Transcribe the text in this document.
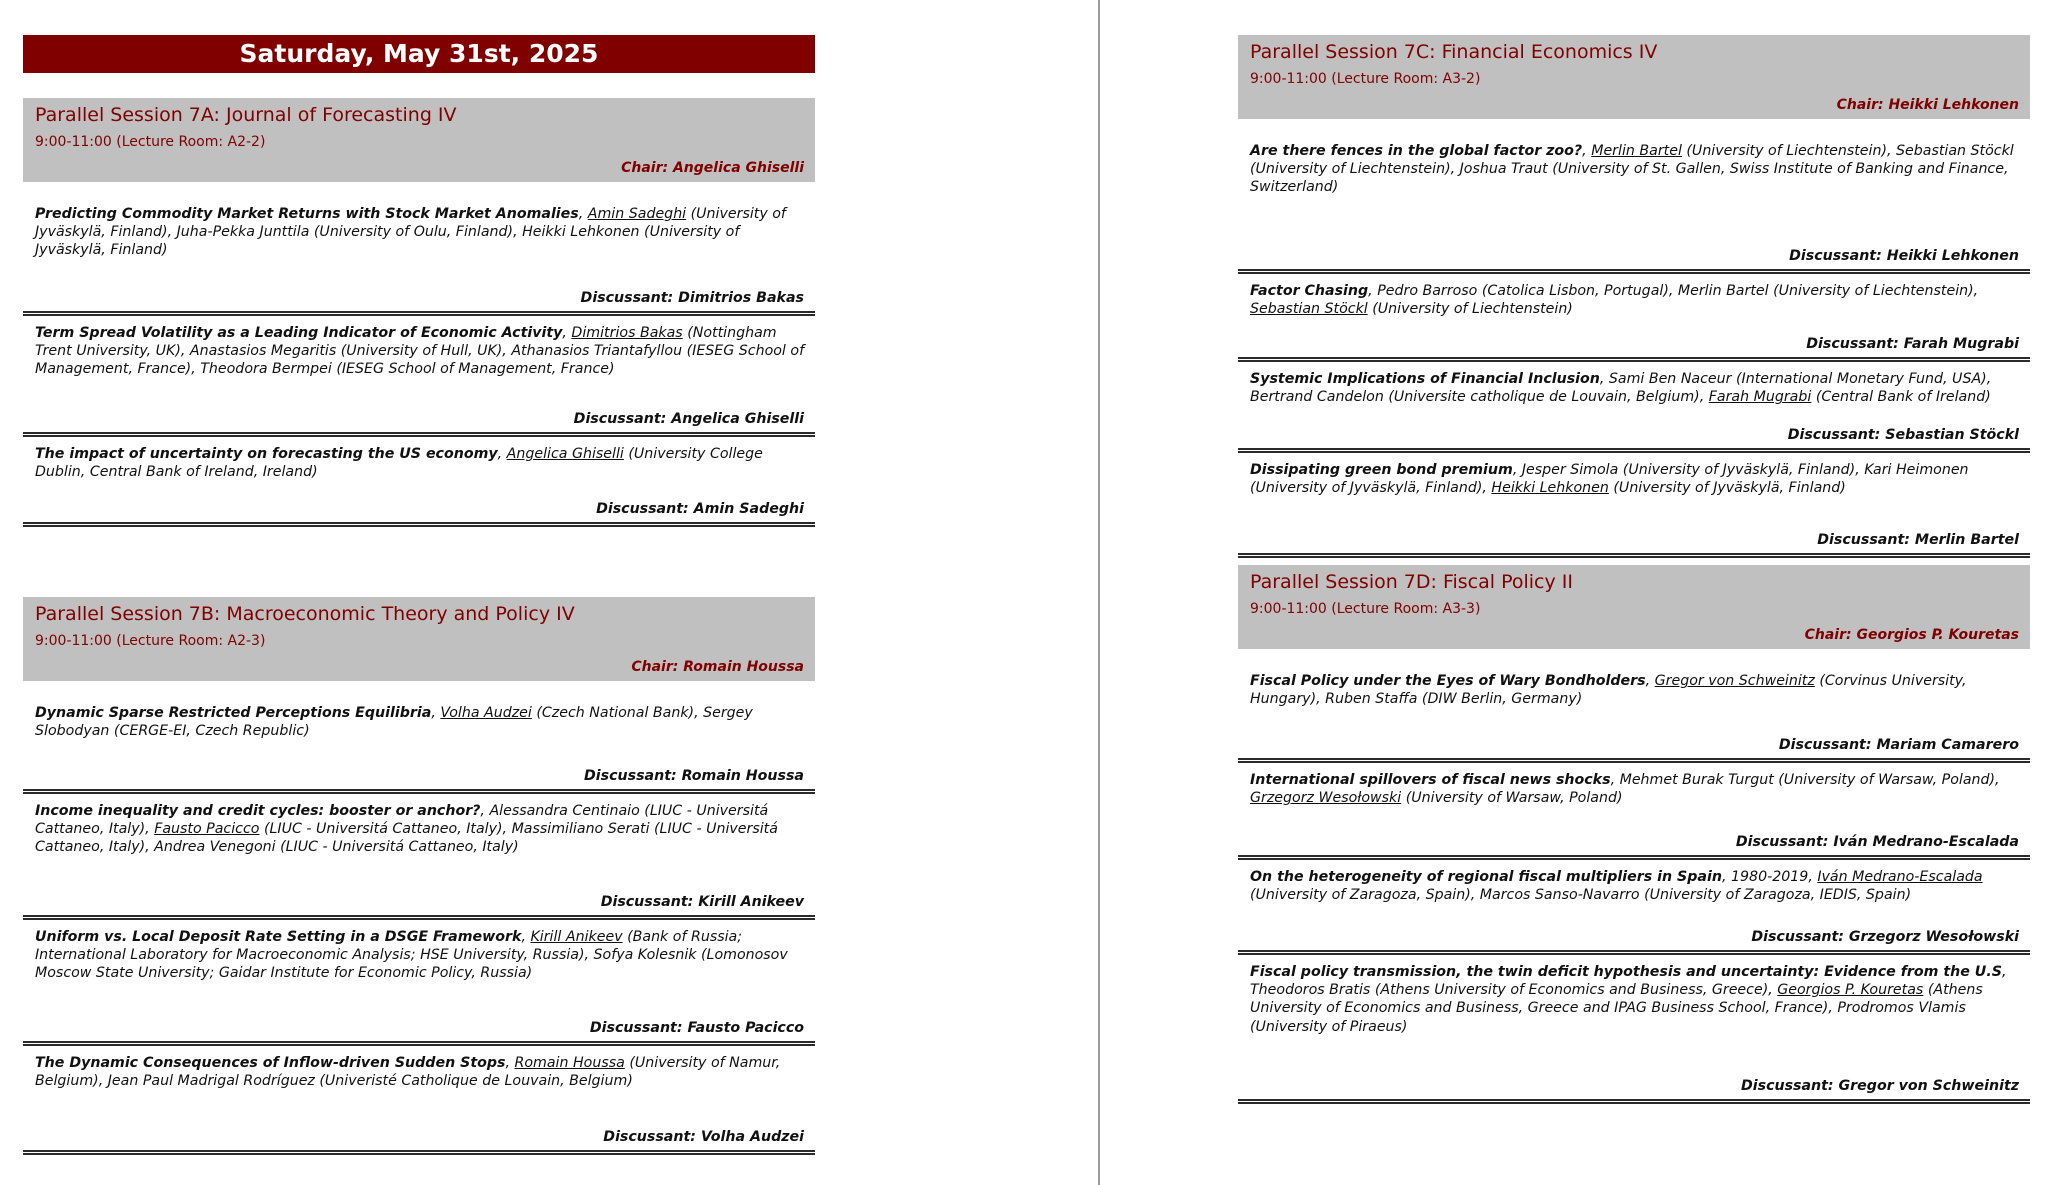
Saturday, May 31st, 2025
Parallel Session 7A: Journal of Forecasting IV
9:00-11:00 (Lecture Room: A2-2)
Chair: Angelica Ghiselli
Predicting Commodity Market Returns with Stock Market Anomalies, Amin Sadeghi (University of Jyväskylä, Finland), Juha-Pekka Junttila (University of Oulu, Finland), Heikki Lehkonen (University of Jyväskylä, Finland)
Discussant: Dimitrios Bakas
Term Spread Volatility as a Leading Indicator of Economic Activity, Dimitrios Bakas (Nottingham Trent University, UK), Anastasios Megaritis (University of Hull, UK), Athanasios Triantafyllou (IESEG School of Management, France), Theodora Bermpei (IESEG School of Management, France)
Discussant: Angelica Ghiselli
The impact of uncertainty on forecasting the US economy, Angelica Ghiselli (University College Dublin, Central Bank of Ireland, Ireland)
Discussant: Amin Sadeghi
Parallel Session 7B: Macroeconomic Theory and Policy IV
9:00-11:00 (Lecture Room: A2-3)
Chair: Romain Houssa
Dynamic Sparse Restricted Perceptions Equilibria, Volha Audzei (Czech National Bank), Sergey Slobodyan (CERGE-EI, Czech Republic)
Discussant: Romain Houssa
Income inequality and credit cycles: booster or anchor?, Alessandra Centinaio (LIUC - Universitá Cattaneo, Italy), Fausto Pacicco (LIUC - Universitá Cattaneo, Italy), Massimiliano Serati (LIUC - Universitá Cattaneo, Italy), Andrea Venegoni (LIUC - Universitá Cattaneo, Italy)
Discussant: Kirill Anikeev
Uniform vs. Local Deposit Rate Setting in a DSGE Framework, Kirill Anikeev (Bank of Russia; International Laboratory for Macroeconomic Analysis; HSE University, Russia), Sofya Kolesnik (Lomonosov Moscow State University; Gaidar Institute for Economic Policy, Russia)
Discussant: Fausto Pacicco
The Dynamic Consequences of Inflow-driven Sudden Stops, Romain Houssa (University of Namur, Belgium), Jean Paul Madrigal Rodríguez (Univeristé Catholique de Louvain, Belgium)
Discussant: Volha Audzei
Parallel Session 7C: Financial Economics IV
9:00-11:00 (Lecture Room: A3-2)
Chair: Heikki Lehkonen
Are there fences in the global factor zoo?, Merlin Bartel (University of Liechtenstein), Sebastian Stöckl (University of Liechtenstein), Joshua Traut (University of St. Gallen, Swiss Institute of Banking and Finance, Switzerland)
Discussant: Heikki Lehkonen
Factor Chasing, Pedro Barroso (Catolica Lisbon, Portugal), Merlin Bartel (University of Liechtenstein), Sebastian Stöckl (University of Liechtenstein)
Discussant: Farah Mugrabi
Systemic Implications of Financial Inclusion, Sami Ben Naceur (International Monetary Fund, USA), Bertrand Candelon (Universite catholique de Louvain, Belgium), Farah Mugrabi (Central Bank of Ireland)
Discussant: Sebastian Stöckl
Dissipating green bond premium, Jesper Simola (University of Jyväskylä, Finland), Kari Heimonen (University of Jyväskylä, Finland), Heikki Lehkonen (University of Jyväskylä, Finland)
Discussant: Merlin Bartel
Parallel Session 7D: Fiscal Policy II
9:00-11:00 (Lecture Room: A3-3)
Chair: Georgios P. Kouretas
Fiscal Policy under the Eyes of Wary Bondholders, Gregor von Schweinitz (Corvinus University, Hungary), Ruben Staffa (DIW Berlin, Germany)
Discussant: Mariam Camarero
International spillovers of fiscal news shocks, Mehmet Burak Turgut (University of Warsaw, Poland), Grzegorz Wesołowski (University of Warsaw, Poland)
Discussant: Iván Medrano-Escalada
On the heterogeneity of regional fiscal multipliers in Spain, 1980-2019, Iván Medrano-Escalada (University of Zaragoza, Spain), Marcos Sanso-Navarro (University of Zaragoza, IEDIS, Spain)
Discussant: Grzegorz Wesołowski
Fiscal policy transmission, the twin deficit hypothesis and uncertainty: Evidence from the U.S, Theodoros Bratis (Athens University of Economics and Business, Greece), Georgios P. Kouretas (Athens University of Economics and Business, Greece and IPAG Business School, France), Prodromos Vlamis (University of Piraeus)
Discussant: Gregor von Schweinitz
